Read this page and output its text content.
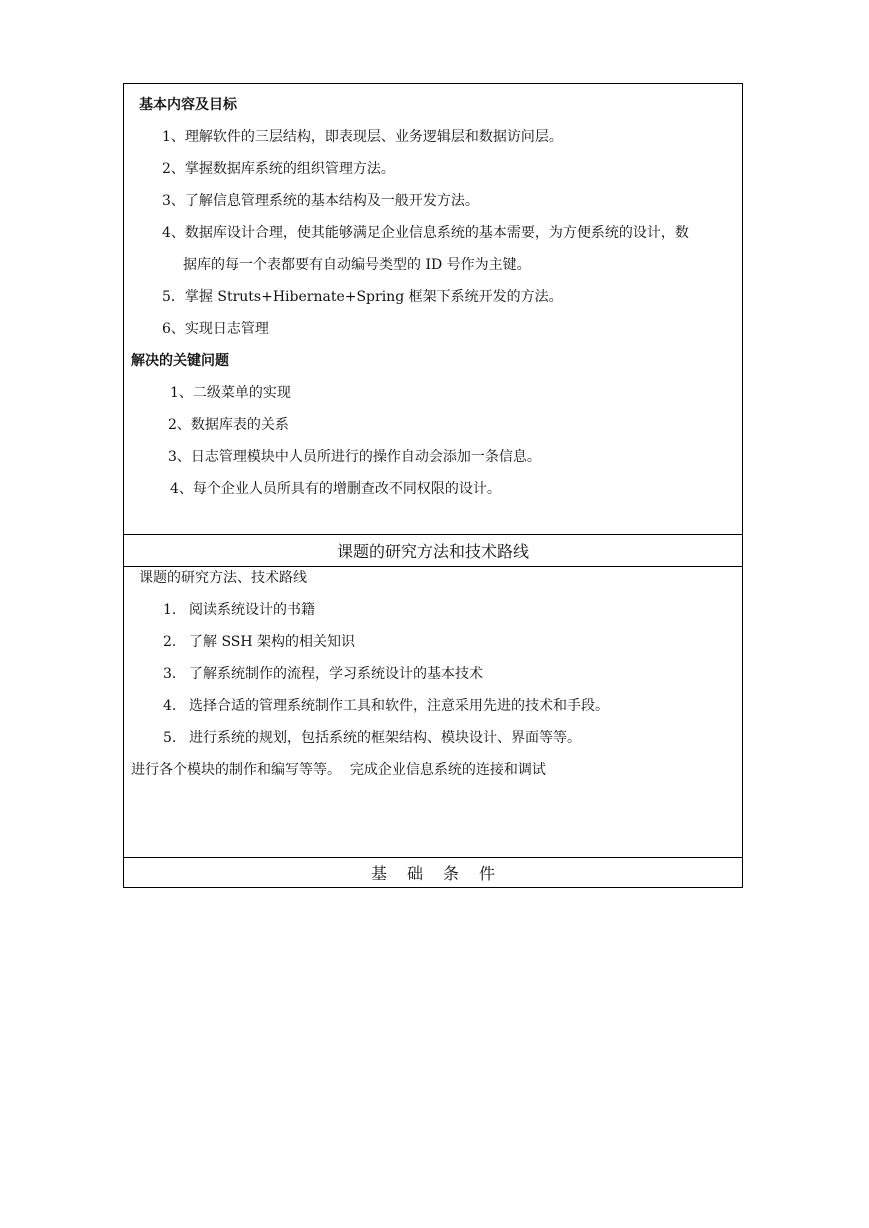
基本内容及目标
1、理解软件的三层结构，即表现层、业务逻辑层和数据访问层。
2、掌握数据库系统的组织管理方法。
3、了解信息管理系统的基本结构及一般开发方法。
4、数据库设计合理，使其能够满足企业信息系统的基本需要，为方便系统的设计，数
据库的每一个表都要有自动编号类型的 ID 号作为主键。
5．掌握 Struts+Hibernate+Spring 框架下系统开发的方法。
6、实现日志管理
解决的关键问题
1、二级菜单的实现
2、数据库表的关系
3、日志管理模块中人员所进行的操作自动会添加一条信息。
4、每个企业人员所具有的增删查改不同权限的设计。
课题的研究方法和技术路线
课题的研究方法、技术路线
1. 阅读系统设计的书籍
2. 了解 SSH 架构的相关知识
3. 了解系统制作的流程，学习系统设计的基本技术
4. 选择合适的管理系统制作工具和软件，注意采用先进的技术和手段。
5. 进行系统的规划，包括系统的框架结构、模块设计、界面等等。
进行各个模块的制作和编写等等。  完成企业信息系统的连接和调试
基础条件
